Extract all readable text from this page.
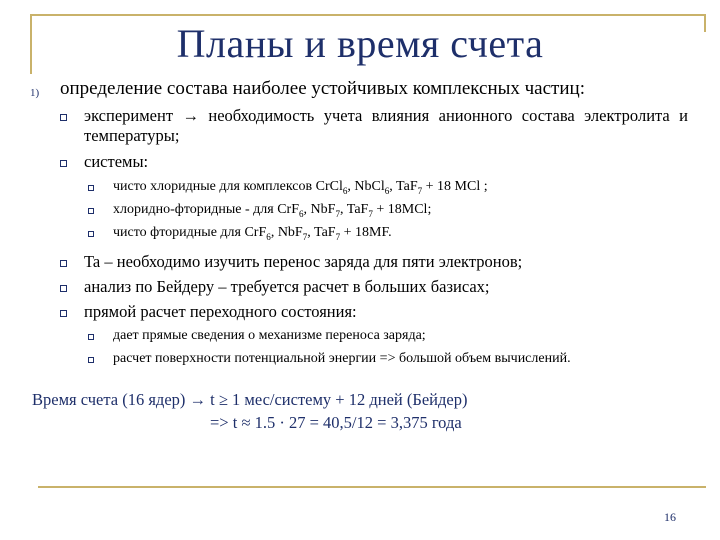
Планы и время счета
1) определение состава наиболее устойчивых комплексных частиц:
эксперимент → необходимость учета влияния анионного состава электролита и температуры;
системы:
чисто хлоридные для комплексов CrCl$_6$, NbCl$_6$, TaF$_7$ + 18 MCl ;
хлоридно-фторидные - для CrF$_6$, NbF$_7$, TaF$_7$ + 18MCl;
чисто фторидные для CrF$_6$, NbF$_7$, TaF$_7$ + 18MF.
Ta – необходимо изучить перенос заряда для пяти электронов;
анализ по Бейдеру – требуется расчет в больших базисах;
прямой расчет переходного состояния:
дает прямые сведения о механизме переноса заряда;
расчет поверхности потенциальной энергии => большой объем вычислений.
Время счета (16 ядер) → t ≥ 1 мес/систему + 12 дней (Бейдер)
=> t ≈ 1.5 · 27 = 40,5/12 = 3,375 года
16
